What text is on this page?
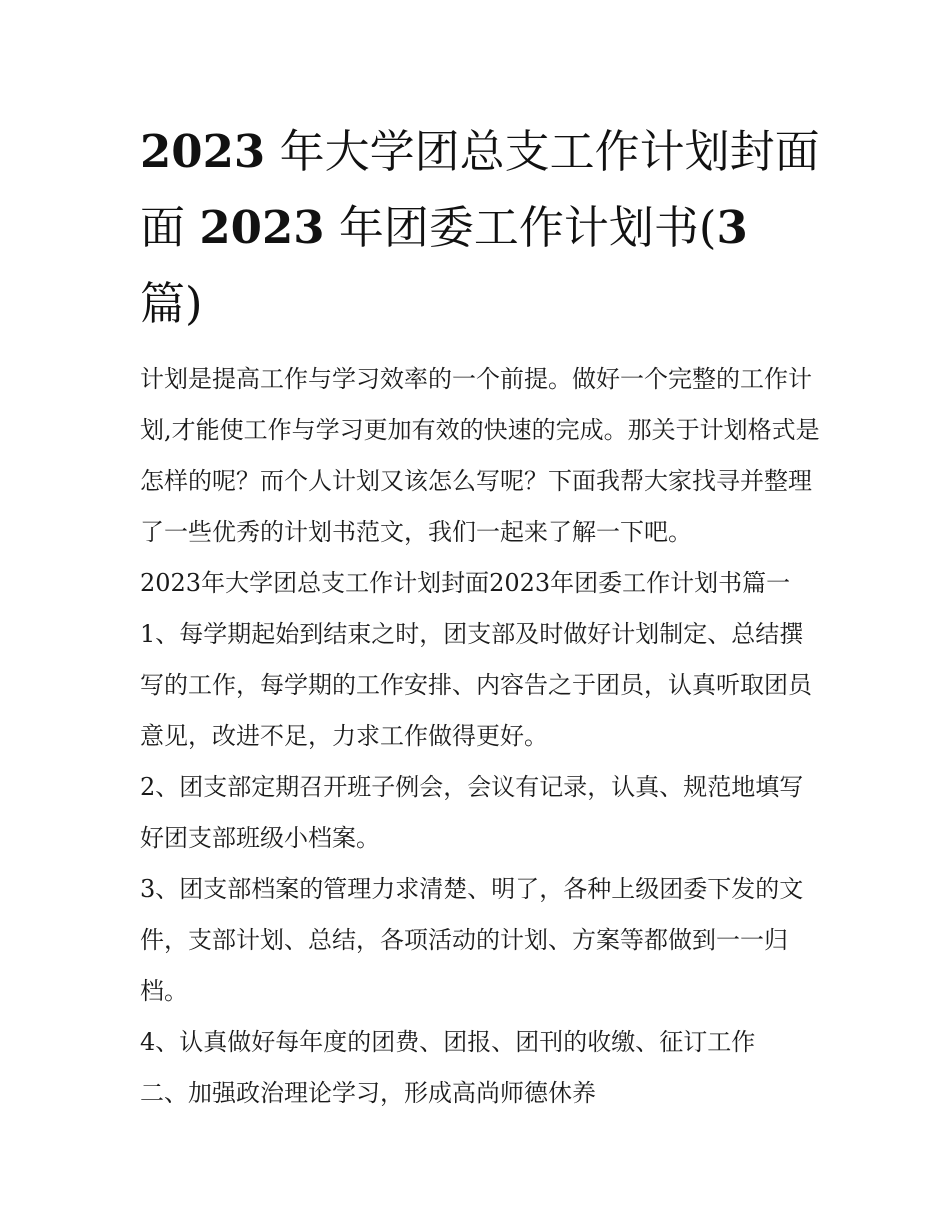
2023 年大学团总支工作计划封面
面 2023 年团委工作计划书(3
篇)

计划是提高工作与学习效率的一个前提。做好一个完整的工作计划,才能使工作与学习更加有效的快速的完成。那关于计划格式是怎样的呢？而个人计划又该怎么写呢？下面我帮大家找寻并整理了一些优秀的计划书范文，我们一起来了解一下吧。

2023年大学团总支工作计划封面2023年团委工作计划书篇一

1、每学期起始到结束之时，团支部及时做好计划制定、总结撰写的工作，每学期的工作安排、内容告之于团员，认真听取团员意见，改进不足，力求工作做得更好。

2、团支部定期召开班子例会，会议有记录，认真、规范地填写好团支部班级小档案。

3、团支部档案的管理力求清楚、明了，各种上级团委下发的文件，支部计划、总结，各项活动的计划、方案等都做到一一归档。

4、认真做好每年度的团费、团报、团刊的收缴、征订工作

二、加强政治理论学习，形成高尚师德休养
